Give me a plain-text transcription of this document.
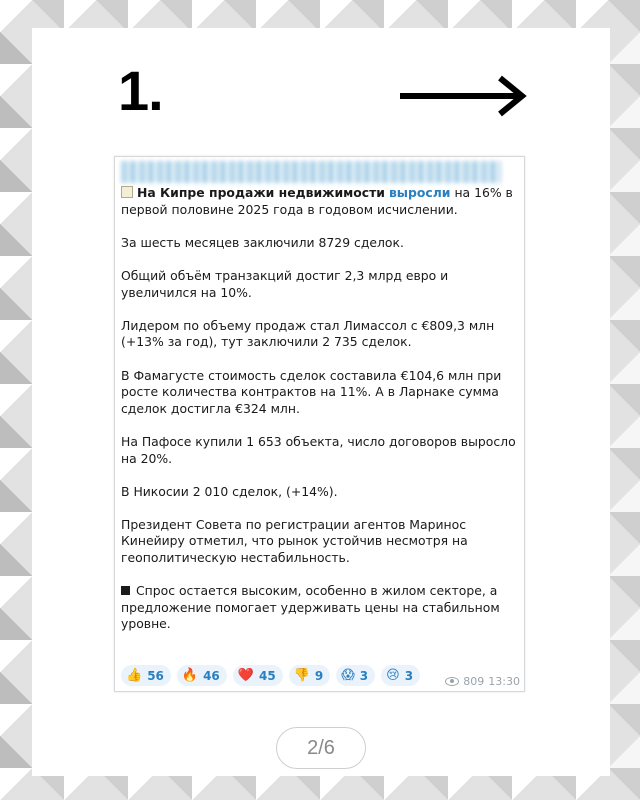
1.

На Кипре продажи недвижимости выросли на 16% в первой половине 2025 года в годовом исчислении.

За шесть месяцев заключили 8729 сделок.

Общий объём транзакций достиг 2,3 млрд евро и увеличился на 10%.

Лидером по объему продаж стал Лимассол с €809,3 млн (+13% за год), тут заключили 2 735 сделок.

В Фамагусте стоимость сделок составила €104,6 млн при росте количества контрактов на 11%. А в Ларнаке сумма сделок достигла €324 млн.

На Пафосе купили 1 653 объекта, число договоров выросло на 20%.

В Никосии 2 010 сделок, (+14%).

Президент Совета по регистрации агентов Маринос Кинейиру отметил, что рынок устойчив несмотря на геополитическую нестабильность.

Спрос остается высоким, особенно в жилом секторе, а предложение помогает удерживать цены на стабильном уровне.

👍 56 🔥 46 ❤️ 45 👎 9 😱 3 😢 3	809 13:30
2/6
